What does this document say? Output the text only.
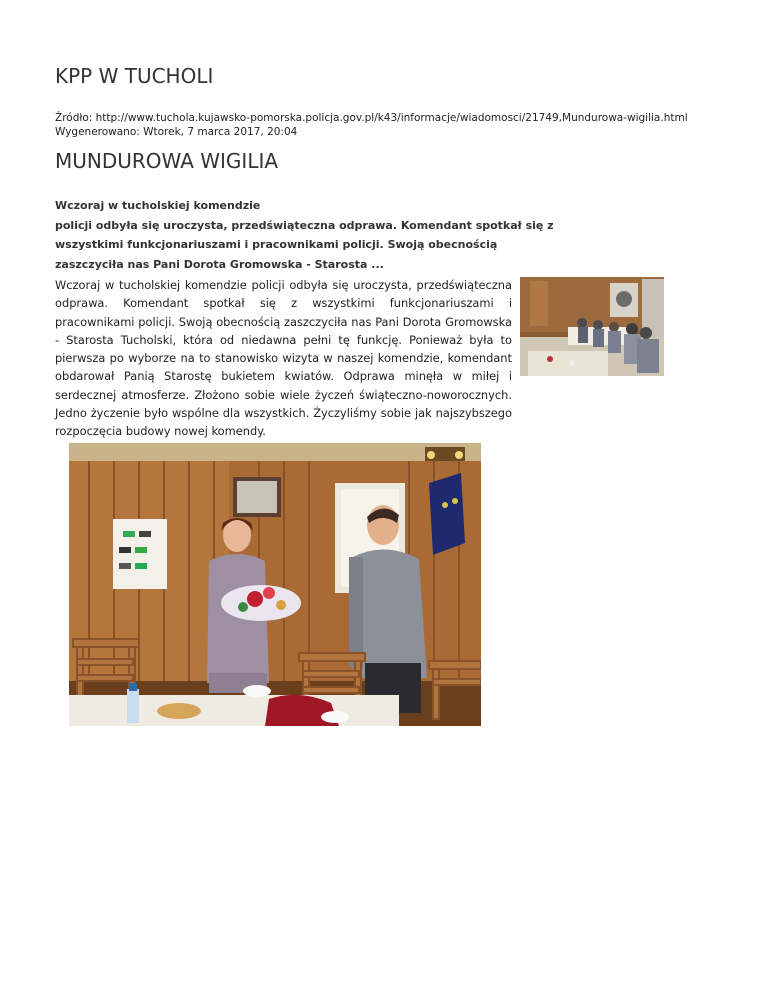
KPP W TUCHOLI
Źródło: http://www.tuchola.kujawsko-pomorska.policja.gov.pl/k43/informacje/wiadomosci/21749,Mundurowa-wigilia.html
Wygenerowano: Wtorek, 7 marca 2017, 20:04
MUNDUROWA WIGILIA
Wczoraj w tucholskiej komendzie
policji odbyła się uroczysta, przedświąteczna odprawa. Komendant spotkał się z
wszystkimi funkcjonariuszami i pracownikami policji. Swoją obecnością
zaszczyciła nas Pani Dorota Gromowska - Starosta ...
Wczoraj w tucholskiej komendzie policji odbyła się uroczysta, przedświąteczna odprawa. Komendant spotkał się z wszystkimi funkcjonariuszami i pracownikami policji. Swoją obecnością zaszczyciła nas Pani Dorota Gromowska - Starosta Tucholski, która od niedawna pełni tę funkcję. Ponieważ była to pierwsza po wyborze na to stanowisko wizyta w naszej komendzie, komendant obdarował Panią Starostę bukietem kwiatów. Odprawa minęła w miłej i serdecznej atmosferze. Złożono sobie wiele życzeń świąteczno-noworocznych. Jedno życzenie było wspólne dla wszystkich. Życzyliśmy sobie jak najszybszego rozpoczęcia budowy nowej komendy.
